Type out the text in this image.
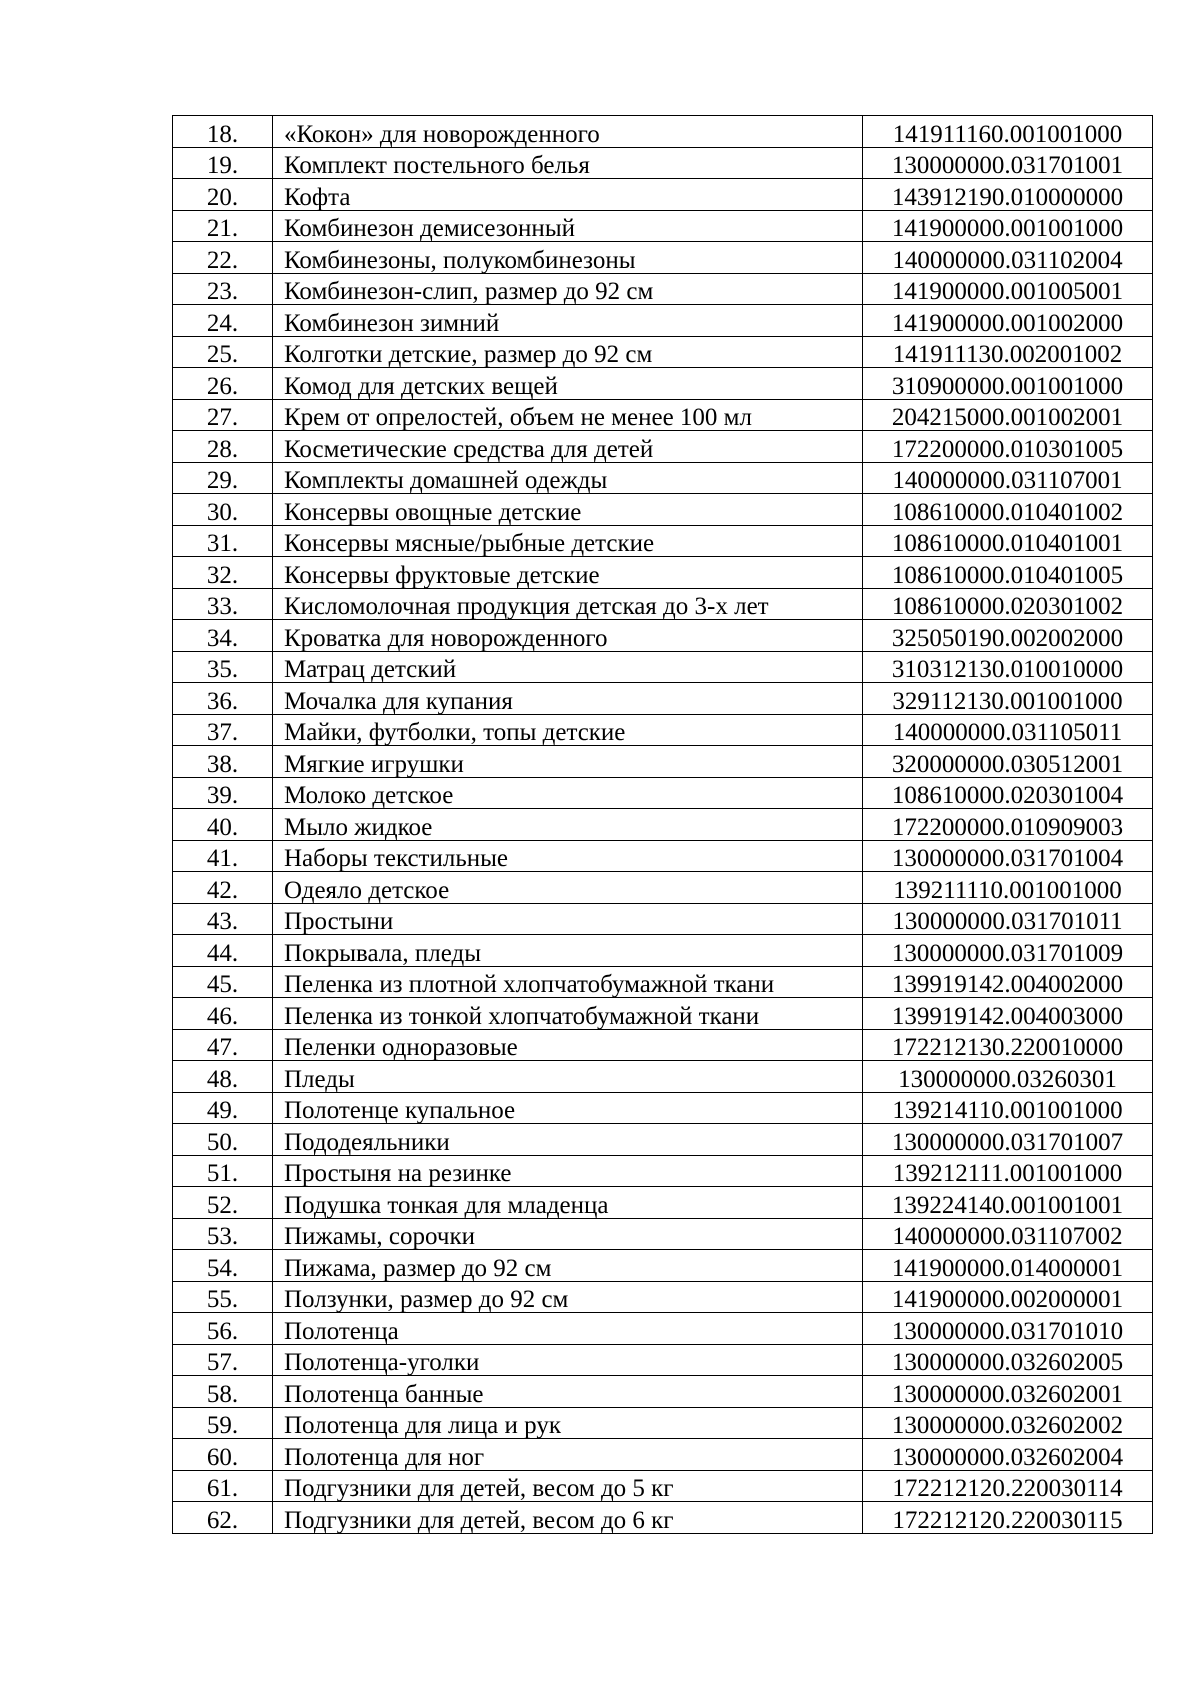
18.	«Кокон» для новорожденного	141911160.001001000
19.	Комплект постельного белья	130000000.031701001
20.	Кофта	143912190.010000000
21.	Комбинезон демисезонный	141900000.001001000
22.	Комбинезоны, полукомбинезоны	140000000.031102004
23.	Комбинезон-слип, размер до 92 см	141900000.001005001
24.	Комбинезон зимний	141900000.001002000
25.	Колготки детские, размер до 92 см	141911130.002001002
26.	Комод для детских вещей	310900000.001001000
27.	Крем от опрелостей, объем не менее 100 мл	204215000.001002001
28.	Косметические средства для детей	172200000.010301005
29.	Комплекты домашней одежды	140000000.031107001
30.	Консервы овощные детские	108610000.010401002
31.	Консервы мясные/рыбные детские	108610000.010401001
32.	Консервы фруктовые детские	108610000.010401005
33.	Кисломолочная продукция детская до 3-х лет	108610000.020301002
34.	Кроватка для новорожденного	325050190.002002000
35.	Матрац детский	310312130.010010000
36.	Мочалка для купания	329112130.001001000
37.	Майки, футболки, топы детские	140000000.031105011
38.	Мягкие игрушки	320000000.030512001
39.	Молоко детское	108610000.020301004
40.	Мыло жидкое	172200000.010909003
41.	Наборы текстильные	130000000.031701004
42.	Одеяло детское	139211110.001001000
43.	Простыни	130000000.031701011
44.	Покрывала, пледы	130000000.031701009
45.	Пеленка из плотной хлопчатобумажной ткани	139919142.004002000
46.	Пеленка из тонкой хлопчатобумажной ткани	139919142.004003000
47.	Пеленки одноразовые	172212130.220010000
48.	Пледы	130000000.03260301
49.	Полотенце купальное	139214110.001001000
50.	Пододеяльники	130000000.031701007
51.	Простыня на резинке	139212111.001001000
52.	Подушка тонкая для младенца	139224140.001001001
53.	Пижамы, сорочки	140000000.031107002
54.	Пижама, размер до 92 см	141900000.014000001
55.	Ползунки, размер до 92 см	141900000.002000001
56.	Полотенца	130000000.031701010
57.	Полотенца-уголки	130000000.032602005
58.	Полотенца банные	130000000.032602001
59.	Полотенца для лица и рук	130000000.032602002
60.	Полотенца для ног	130000000.032602004
61.	Подгузники для детей, весом до 5 кг	172212120.220030114
62.	Подгузники для детей, весом до 6 кг	172212120.220030115
